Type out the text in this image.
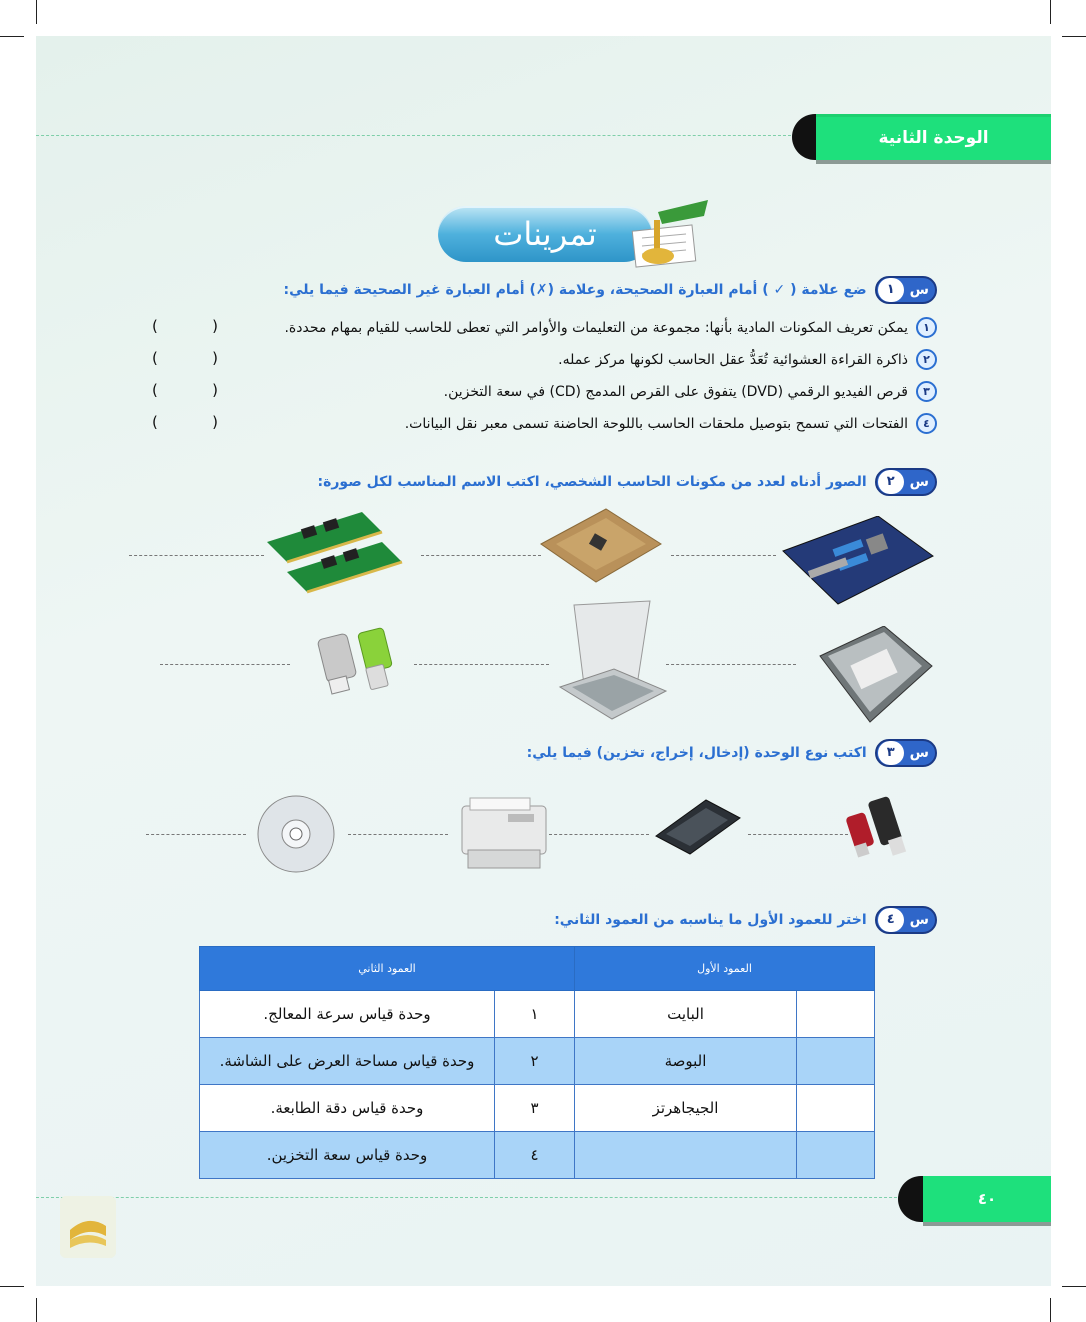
الوحدة الثانية
تمرينات
س
١
ضع علامة ( ✓ ) أمام العبارة الصحيحة، وعلامة (✗) أمام العبارة غير الصحيحة فيما يلي:
١
يمكن تعريف المكونات المادية بأنها: مجموعة من التعليمات والأوامر التي تعطى للحاسب للقيام بمهام محددة.
(
)
٢
ذاكرة القراءة العشوائية تُعَدُّ عقل الحاسب لكونها مركز عمله.
(
)
٣
قرص الفيديو الرقمي (DVD) يتفوق على القرص المدمج (CD) في سعة التخزين.
(
)
٤
الفتحات التي تسمح بتوصيل ملحقات الحاسب باللوحة الحاضنة تسمى معبر نقل البيانات.
(
)
س
٢
الصور أدناه لعدد من مكونات الحاسب الشخصي، اكتب الاسم المناسب لكل صورة:
س
٣
اكتب نوع الوحدة (إدخال، إخراج، تخزين) فيما يلي:
س
٤
اختر للعمود الأول ما يناسبه من العمود الثاني:
العمود الأول		العمود الثاني	
	البايت	١	وحدة قياس سرعة المعالج.
	البوصة	٢	وحدة قياس مساحة العرض على الشاشة.
	الجيجاهرتز	٣	وحدة قياس دقة الطابعة.
		٤	وحدة قياس سعة التخزين.
٤٠
